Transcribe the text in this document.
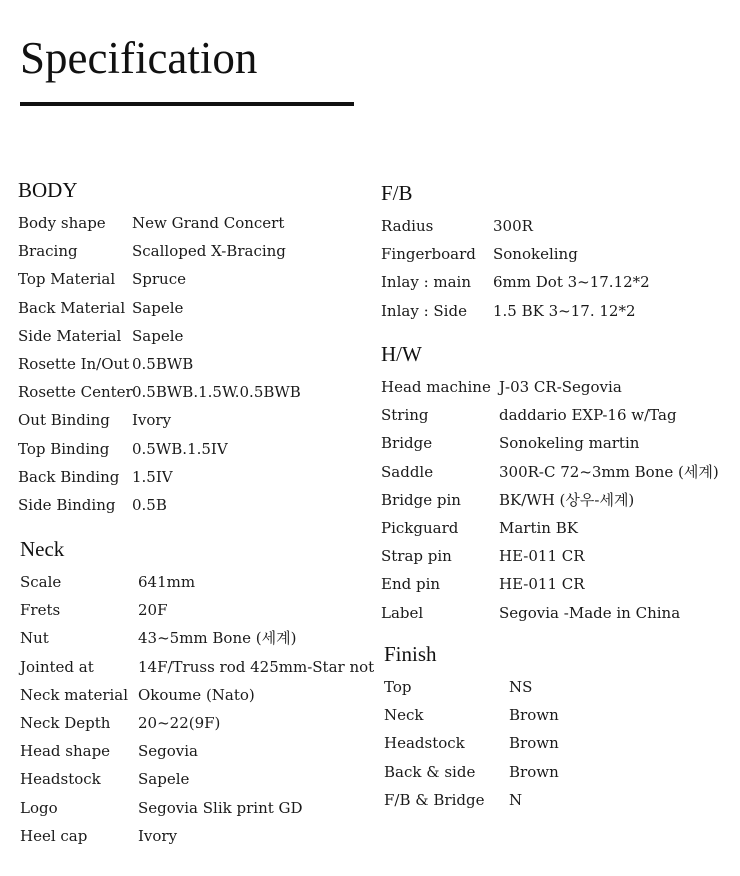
Specification
BODY
Body shape New Grand Concert
Bracing	Scalloped X-Bracing
Top Material Spruce
Back Material Sapele
Side Material Sapele
Rosette In/Out 0.5BWB
Rosette Center 0.5BWB.1.5W.0.5BWB
Out Binding Ivory
Top Binding 0.5WB.1.5IV
Back Binding 1.5IV
Side Binding 0.5B
Neck
Scale	641mm
Frets	20F
Nut	43~5mm Bone (세계)
Jointed at	14F/Truss rod 425mm-Star not
Neck material Okoume (Nato)
Neck Depth 20~22(9F)
Head shape Segovia
Headstock Sapele
Logo	Segovia Slik print GD
Heel cap	Ivory
F/B
Radius	300R
Fingerboard Sonokeling
Inlay : main 6mm Dot 3~17.12*2
Inlay : Side 1.5 BK 3~17. 12*2
H/W
Head machine J-03 CR-Segovia
String	daddario EXP-16 w/Tag
Bridge	Sonokeling martin
Saddle	300R-C 72~3mm Bone (세계)
Bridge pin	BK/WH (상우-세계)
Pickguard	Martin BK
Strap pin	HE-011 CR
End pin	HE-011 CR
Label	Segovia -Made in China
Finish
Top	NS
Neck	Brown
Headstock	Brown
Back & side Brown
F/B & Bridge N
